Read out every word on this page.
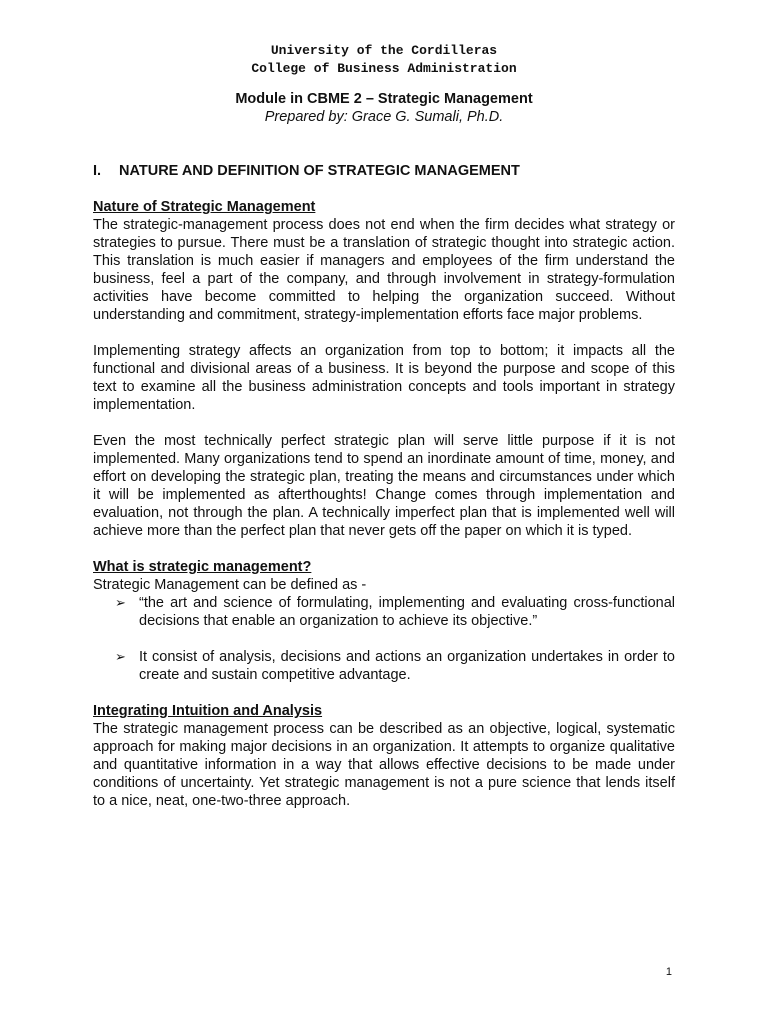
University of the Cordilleras
College of Business Administration
Module in CBME 2 – Strategic Management
Prepared by: Grace G. Sumali, Ph.D.
I.	NATURE AND DEFINITION OF STRATEGIC MANAGEMENT
Nature of Strategic Management

The strategic-management process does not end when the firm decides what strategy or strategies to pursue. There must be a translation of strategic thought into strategic action. This translation is much easier if managers and employees of the firm understand the business, feel a part of the company, and through involvement in strategy-formulation activities have become committed to helping the organization succeed. Without understanding and commitment, strategy-implementation efforts face major problems.

Implementing strategy affects an organization from top to bottom; it impacts all the functional and divisional areas of a business. It is beyond the purpose and scope of this text to examine all the business administration concepts and tools important in strategy implementation.

Even the most technically perfect strategic plan will serve little purpose if it is not implemented. Many organizations tend to spend an inordinate amount of time, money, and effort on developing the strategic plan, treating the means and circumstances under which it will be implemented as afterthoughts! Change comes through implementation and evaluation, not through the plan. A technically imperfect plan that is implemented well will achieve more than the perfect plan that never gets off the paper on which it is typed.

What is strategic management?

Strategic Management can be defined as -

➢ “the art and science of formulating, implementing and evaluating cross-functional decisions that enable an organization to achieve its objective.”
➢ It consist of analysis, decisions and actions an organization undertakes in order to create and sustain competitive advantage.
Integrating Intuition and Analysis

The strategic management process can be described as an objective, logical, systematic approach for making major decisions in an organization. It attempts to organize qualitative and quantitative information in a way that allows effective decisions to be made under conditions of uncertainty. Yet strategic management is not a pure science that lends itself to a nice, neat, one-two-three approach.

1
